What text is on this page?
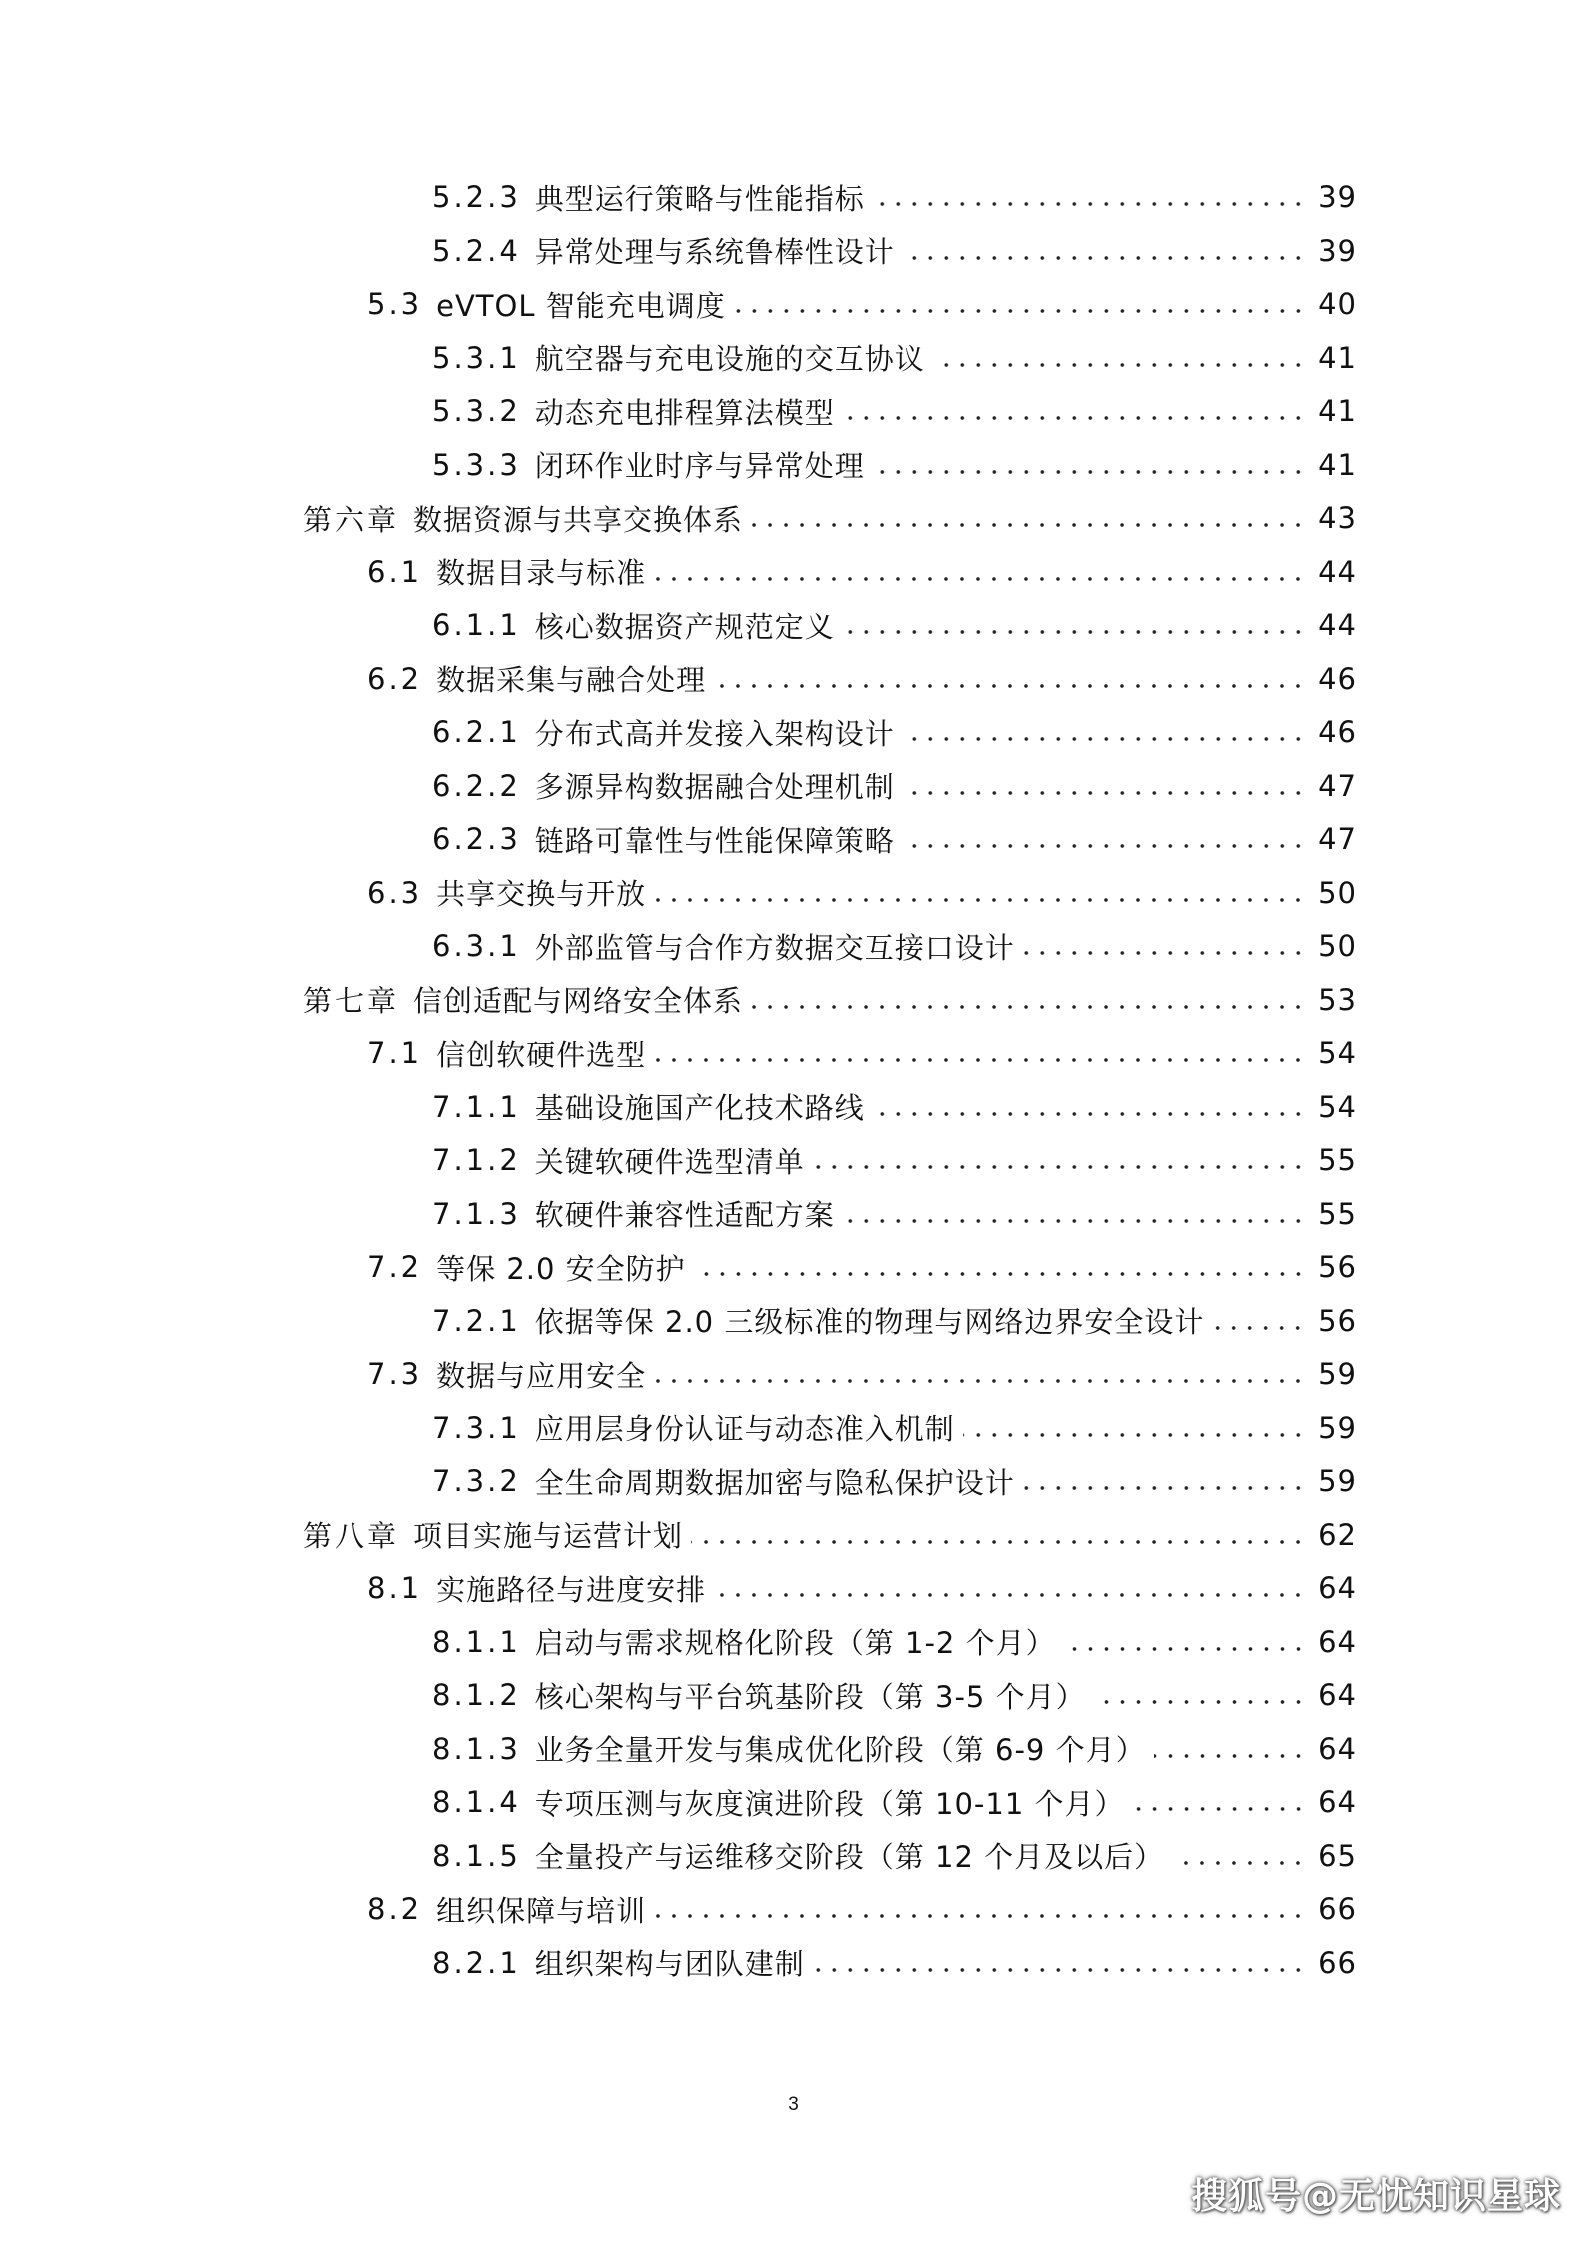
5.2.3 典型运行策略与性能指标	39
5.2.4 异常处理与系统鲁棒性设计	39
5.3 eVTOL 智能充电调度	40
5.3.1 航空器与充电设施的交互协议	41
5.3.2 动态充电排程算法模型	41
5.3.3 闭环作业时序与异常处理	41
第六章 数据资源与共享交换体系	43
6.1 数据目录与标准	44
6.1.1 核心数据资产规范定义	44
6.2 数据采集与融合处理	46
6.2.1 分布式高并发接入架构设计	46
6.2.2 多源异构数据融合处理机制	47
6.2.3 链路可靠性与性能保障策略	47
6.3 共享交换与开放	50
6.3.1 外部监管与合作方数据交互接口设计	50
第七章 信创适配与网络安全体系	53
7.1 信创软硬件选型	54
7.1.1 基础设施国产化技术路线	54
7.1.2 关键软硬件选型清单	55
7.1.3 软硬件兼容性适配方案	55
7.2 等保 2.0 安全防护	56
7.2.1 依据等保 2.0 三级标准的物理与网络边界安全设计	56
7.3 数据与应用安全	59
7.3.1 应用层身份认证与动态准入机制	59
7.3.2 全生命周期数据加密与隐私保护设计	59
第八章 项目实施与运营计划	62
8.1 实施路径与进度安排	64
8.1.1 启动与需求规格化阶段（第 1-2 个月）	64
8.1.2 核心架构与平台筑基阶段（第 3-5 个月）	64
8.1.3 业务全量开发与集成优化阶段（第 6-9 个月）	64
8.1.4 专项压测与灰度演进阶段（第 10-11 个月）	64
8.1.5 全量投产与运维移交阶段（第 12 个月及以后）	65
8.2 组织保障与培训	66
8.2.1 组织架构与团队建制	66
3
搜狐号@无忧知识星球
